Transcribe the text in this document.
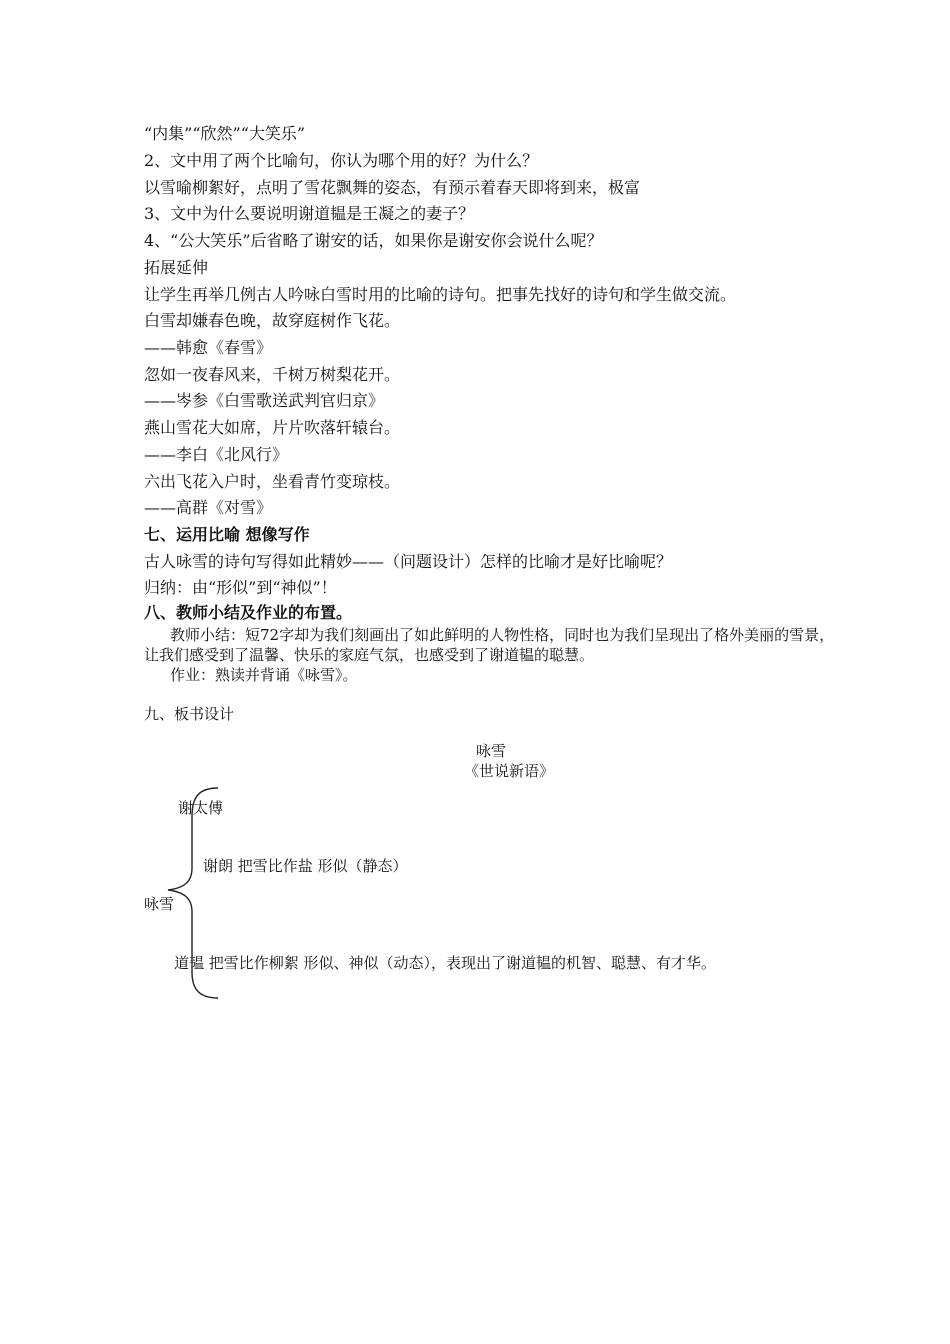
“内集”“欣然”“大笑乐”
2、文中用了两个比喻句，你认为哪个用的好？为什么？
以雪喻柳絮好，点明了雪花飘舞的姿态，有预示着春天即将到来，极富
3、文中为什么要说明谢道韫是王凝之的妻子？
4、“公大笑乐”后省略了谢安的话，如果你是谢安你会说什么呢？
拓展延伸
让学生再举几例古人吟咏白雪时用的比喻的诗句。把事先找好的诗句和学生做交流。
白雪却嫌春色晚，故穿庭树作飞花。
——韩愈《春雪》
忽如一夜春风来，千树万树梨花开。
——岑参《白雪歌送武判官归京》
燕山雪花大如席，片片吹落轩辕台。
——李白《北风行》
六出飞花入户时，坐看青竹变琼枝。
——高群《对雪》
七、运用比喻 想像写作
古人咏雪的诗句写得如此精妙——（问题设计）怎样的比喻才是好比喻呢？
归纳：由“形似”到“神似”！
八、教师小结及作业的布置。
教师小结：短72字却为我们刻画出了如此鲜明的人物性格，同时也为我们呈现出了格外美丽的雪景，让我们感受到了温馨、快乐的家庭气氛，也感受到了谢道韫的聪慧。
作业：熟读并背诵《咏雪》。
九、板书设计
咏雪
《世说新语》
谢太傅
谢朗 把雪比作盐 形似（静态）
咏雪
道韫 把雪比作柳絮 形似、神似（动态），表现出了谢道韫的机智、聪慧、有才华。
